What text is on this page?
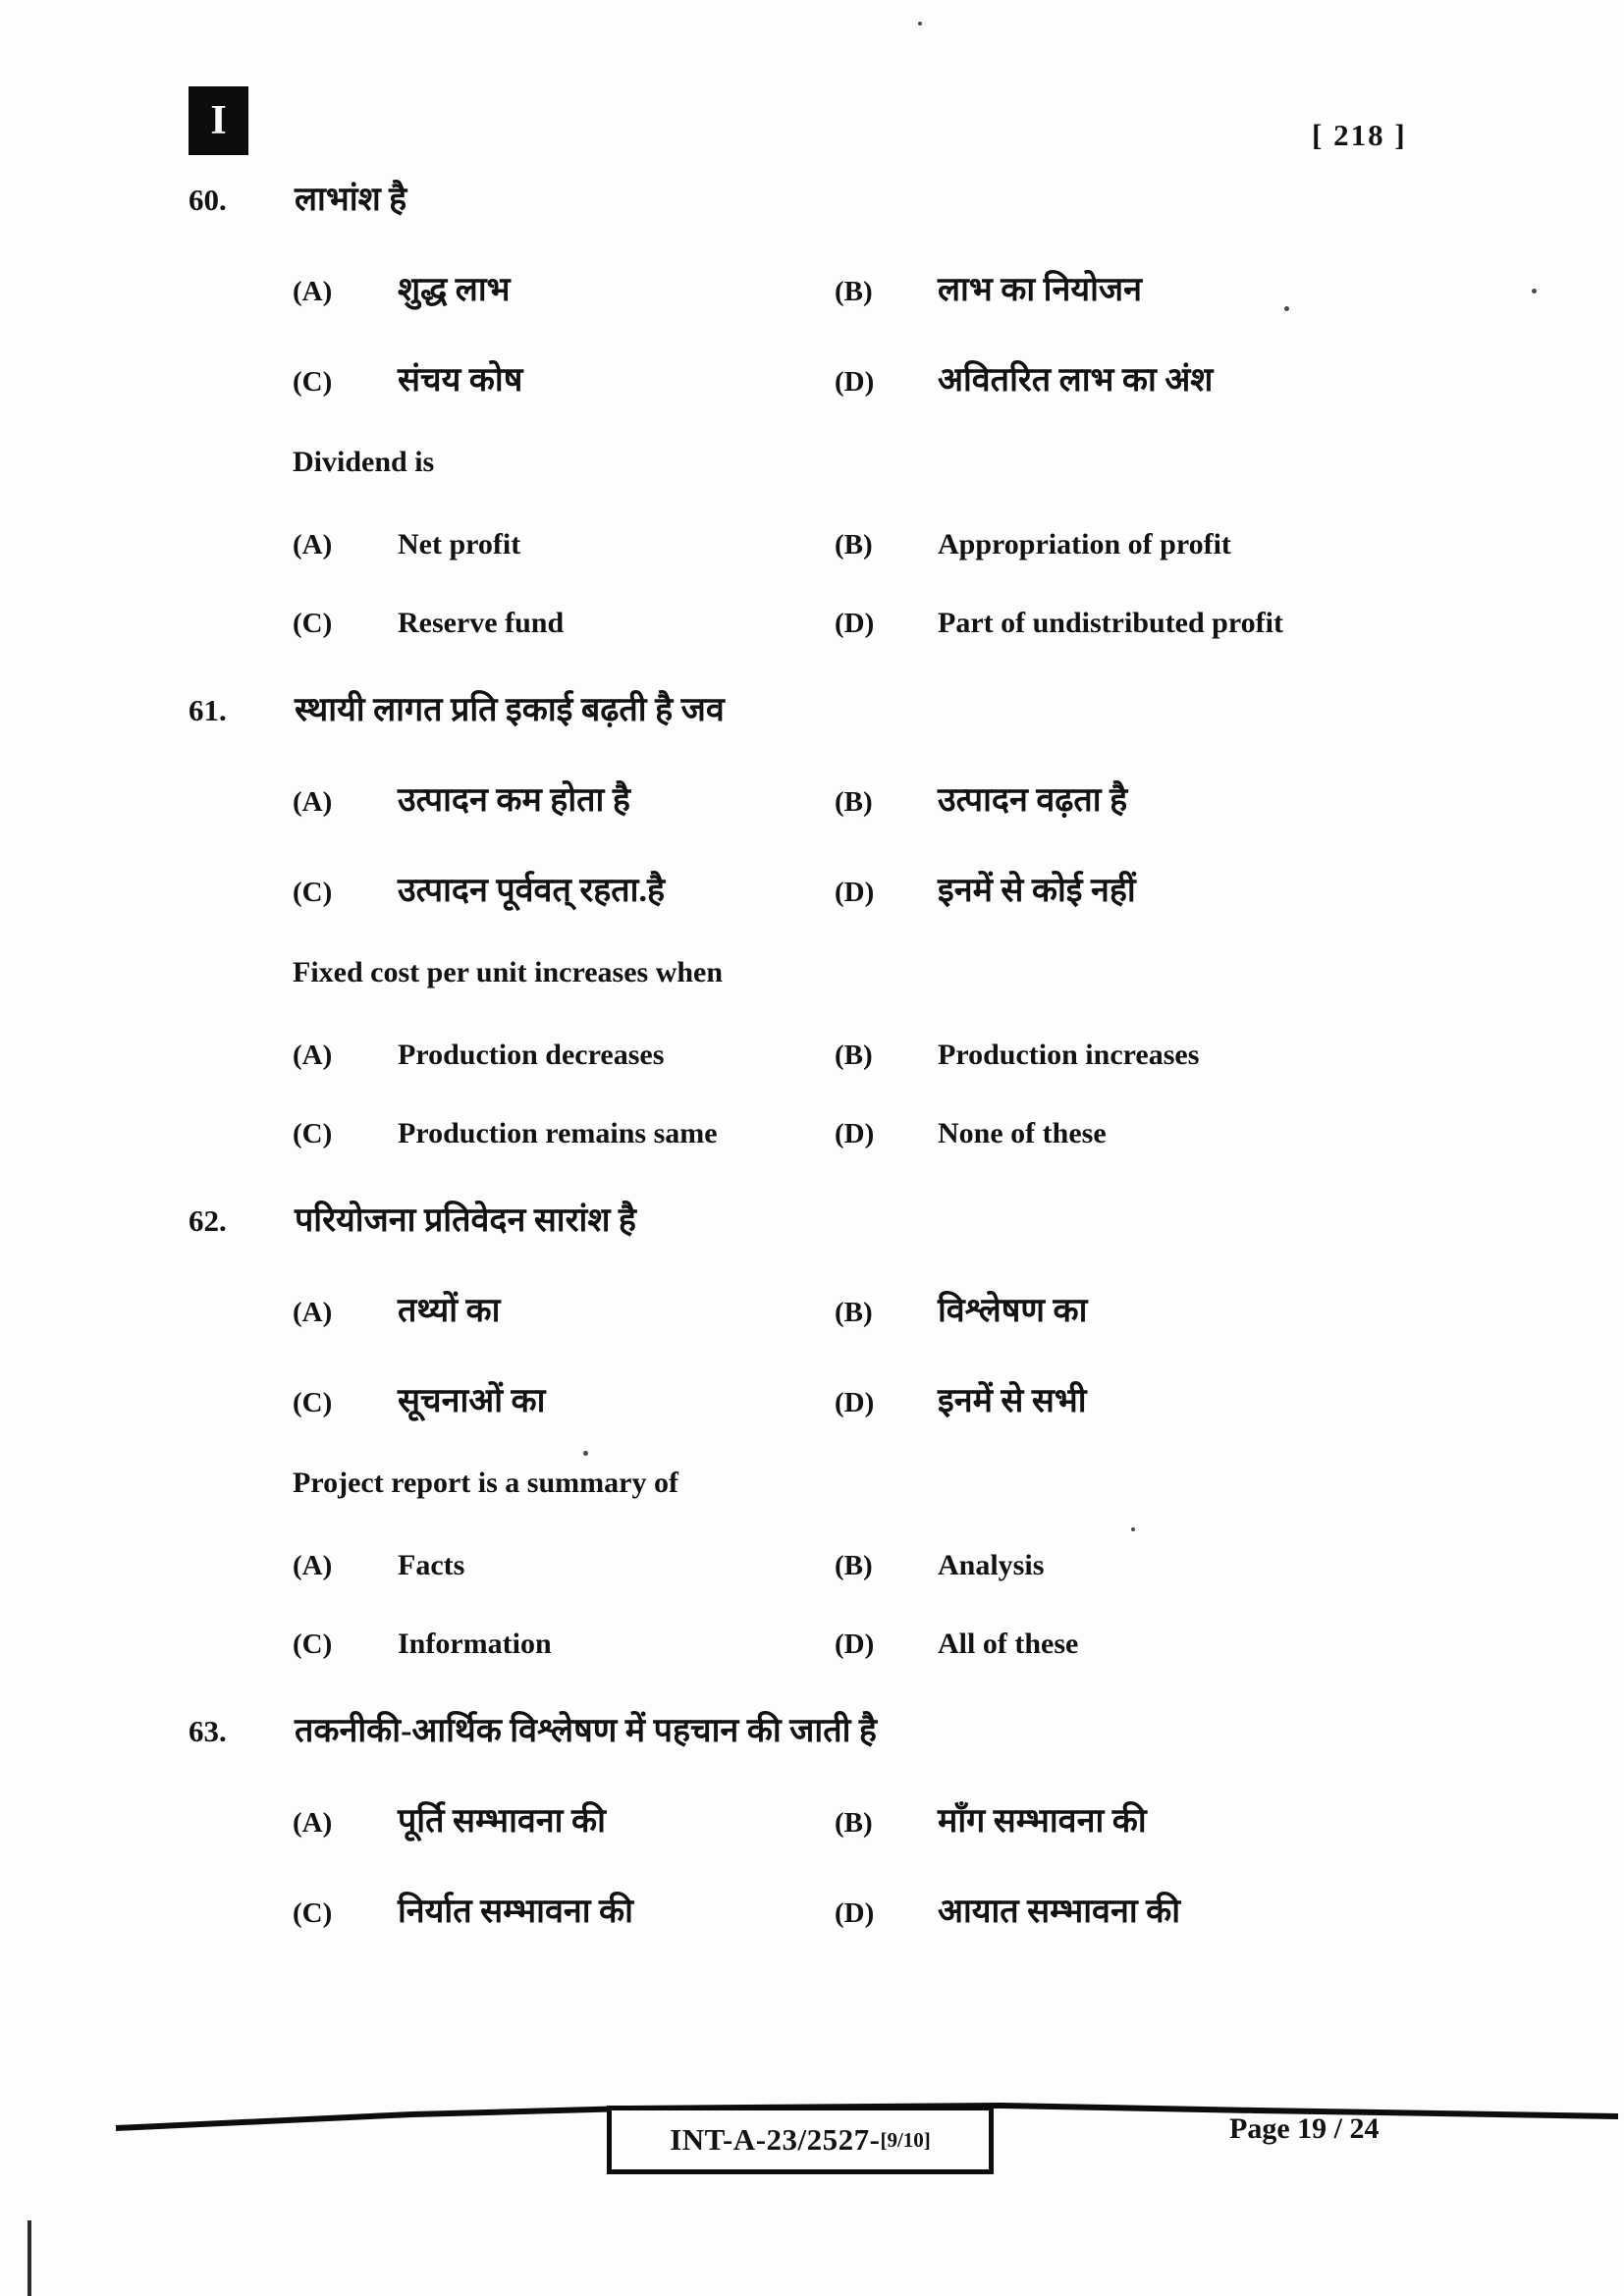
I	[ 218 ]
60.	लाभांश है
(A)	शुद्ध लाभ	(B)	लाभ का नियोजन
(C)	संचय कोष	(D)	अवितरित लाभ का अंश
Dividend is
(A)	Net profit	(B)	Appropriation of profit
(C)	Reserve fund	(D)	Part of undistributed profit
61.	स्थायी लागत प्रति इकाई बढ़ती है जव
(A)	उत्पादन कम होता है	(B)	उत्पादन वढ़ता है
(C)	उत्पादन पूर्ववत् रहता.है	(D)	इनमें से कोई नहीं
Fixed cost per unit increases when
(A)	Production decreases	(B)	Production increases
(C)	Production remains same	(D)	None of these
62.	परियोजना प्रतिवेदन सारांश है
(A)	तथ्यों का	(B)	विश्लेषण का
(C)	सूचनाओं का	(D)	इनमें से सभी
Project report is a summary of
(A)	Facts	(B)	Analysis
(C)	Information	(D)	All of these
63.	तकनीकी-आर्थिक विश्लेषण में पहचान की जाती है
(A)	पूर्ति सम्भावना की	(B)	माँग सम्भावना की
(C)	निर्यात सम्भावना की	(D)	आयात सम्भावना की
INT-A-23/2527- [9/10]	Page 19 / 24
